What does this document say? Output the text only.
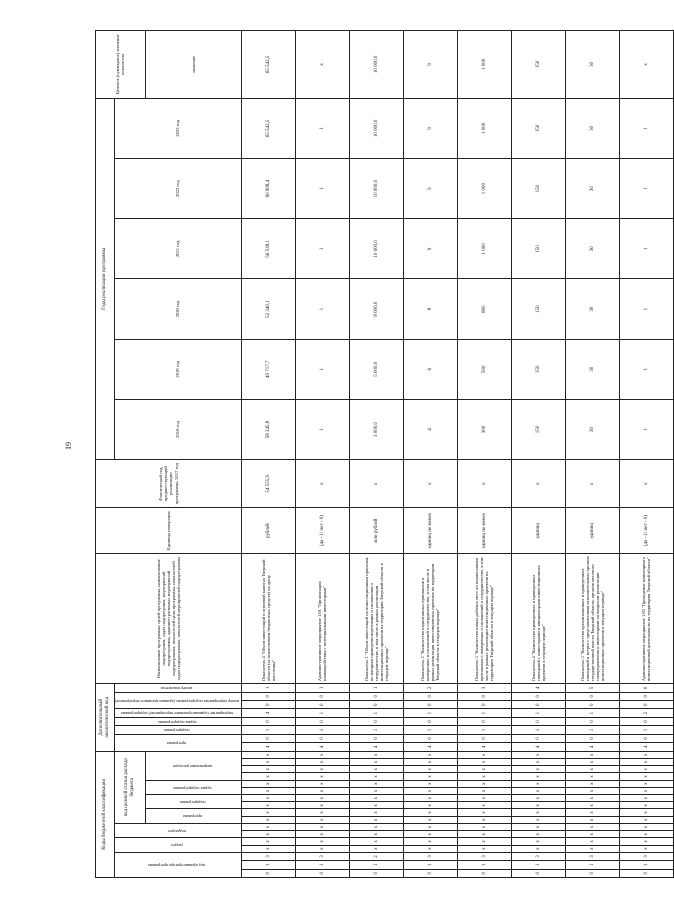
19
Коды бюджетной классификации																	Дополнительный аналитический код								Наименование программы, целей программы, наименование подпрограмм, задач подпрограмм, мероприятий подпрограммы, административных мероприятий подпрограммы, показателей цели программы, показателей задач подпрограммы, показателей мероприятий подпрограммы	Единица измерения	Фактический год, предшествующий реализации программы, 2017 год	Годы реализации программы						Целевое (суммарное) значение показателя
код администратора программы			раздел		подраздел		код целевой статьи расхода бюджета										программа		подпрограмма	задача подпрограммы	мероприятие (административное мероприятие) подпрограммы	номер мероприятия подпрограммы (административное мероприятие)		номер показателя				2018 год	2019 год	2020 год	2021 год	2022 год	2023 год	
							программа		подпрограмма		задача подпрограммы		направление расходов																					значение
0	1	3	x	x	x	x	x	x	x	x	x	x	x	x	x	x	4	0	1	0	4	0	0	1	Показатель 4 "Объем инвестиций в основной капитал Тверской области (за исключением бюджетных средств) на душу населения"	рублей	54 555,9	58 345,8	49 717,7	52 340,1	56 538,1	60 908,4	65 542,5	65 542,5
0	1	3	x	x	x	x	x	x	x	x	x	x	x	x	x	x	4	0	1	0	1	0	0	1	Административное мероприятие 1.01 "Организация взаимодействия с потенциальными инвесторами"	(да - 1/ нет - 0)	x	1	1	1	1	1	1	x
0	1	2	x	x	x	x	x	x	x	x	x	x	x	x	x	x	4	0	1	0	1	0	0	1	Показатель 1 "Объем инвестиций по инвестиционным проектам, по которым проведены переговоры и соглашения о сотрудничестве, в том числе в рамках реализации инвестиционных проектов на территории Тверской области в текущем периоде"	млн рублей	x	3 000,0	5 000,0	8 000,0	10 000,0	10 000,0	10 000,0	10 000,0
0	1	3	x	x	x	x	x	x	x	x	x	x	x	x	x	x	4	0	1	0	1	0	0	2	Показатель 2 "Количество подписанных протоколов о намерениях и соглашений о сотрудничестве, в том числе в рамках реализации инвестиционных проектов на территории Тверской области в текущем периоде"	единиц не менее	x	4	6	8	9	9	9	9
0	1	3	x	x	x	x	x	x	x	x	x	x	x	x	x	x	4	0	1	0	1	0	0	3	Показатель 3 "Количество новых рабочих мест по подписанным протоколам о намерениях и соглашений о сотрудничестве, в том числе в рамках реализации инвестиционных проектов на территории Тверской области в текущем периоде"	единиц не менее	x	300	500	800	1 000	1 000	1 000	1 000
0	1	3	x	x	x	x	x	x	x	x	x	x	x	x	x	x	4	0	1	0	1	0	0	4	Показатель 4 "Количество проведенных и проведенных совещаний с инвесторами и инициаторами инвестиционных проектов в текущем периоде"	единиц	x	150	150	150	150	150	150	150
0	1	3	x	x	x	x	x	x	x	x	x	x	x	x	x	x	4	0	1	0	1	0	0	5	Показатель 5 "Количество организованных и проведенных совещаний и встреч с представителями исполнительных органов государственной власти Тверской области, органов местного самоуправления и инвесторами по вопросам реализации инвестиционных проектов в текущем периоде"	единиц	x	30	30	30	30	30	30	30
0	1	3	x	x	x	x	x	x	x	x	x	x	x	x	x	x	4	0	1	0	2	0	0	0	Административное мероприятие 1.02 "Проведение мониторинга инвестиционной деятельности на территории Тверской области"	(да - 1/ нет - 0)	x	1	1	1	1	1	1	x
